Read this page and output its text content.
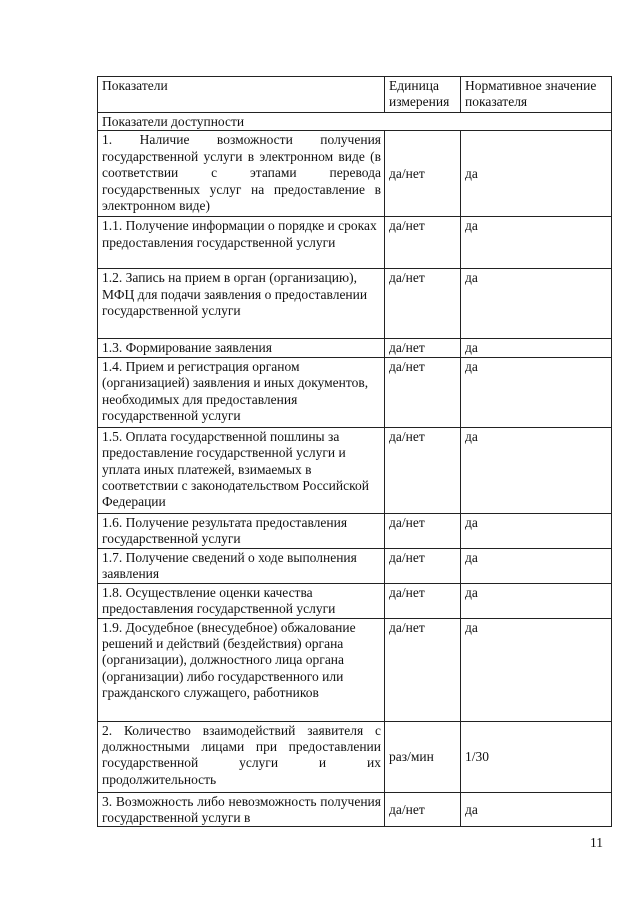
Показатели	Единица измерения	Нормативное значение показателя
Показатели доступности		
1. Наличие возможности получения государственной услуги в электронном виде (в соответствии с этапами перевода государственных услуг на предоставление в электронном виде)	да/нет	да
1.1. Получение информации о порядке и сроках предоставления государственной услуги	да/нет	да
1.2. Запись на прием в орган (организацию), МФЦ для подачи заявления о предоставлении государственной услуги	да/нет	да
1.3. Формирование заявления	да/нет	да
1.4. Прием и регистрация органом (организацией) заявления и иных документов, необходимых для предоставления государственной услуги	да/нет	да
1.5. Оплата государственной пошлины за предоставление государственной услуги и уплата иных платежей, взимаемых в соответствии с законодательством Российской Федерации	да/нет	да
1.6. Получение результата предоставления государственной услуги	да/нет	да
1.7. Получение сведений о ходе выполнения заявления	да/нет	да
1.8. Осуществление оценки качества предоставления государственной услуги	да/нет	да
1.9. Досудебное (внесудебное) обжалование решений и действий (бездействия) органа (организации), должностного лица органа (организации) либо государственного или гражданского служащего, работников	да/нет	да
2. Количество взаимодействий заявителя с должностными лицами при предоставлении государственной услуги и их продолжительность	раз/мин	1/30
3. Возможность либо невозможность получения государственной услуги в	да/нет	да
11
